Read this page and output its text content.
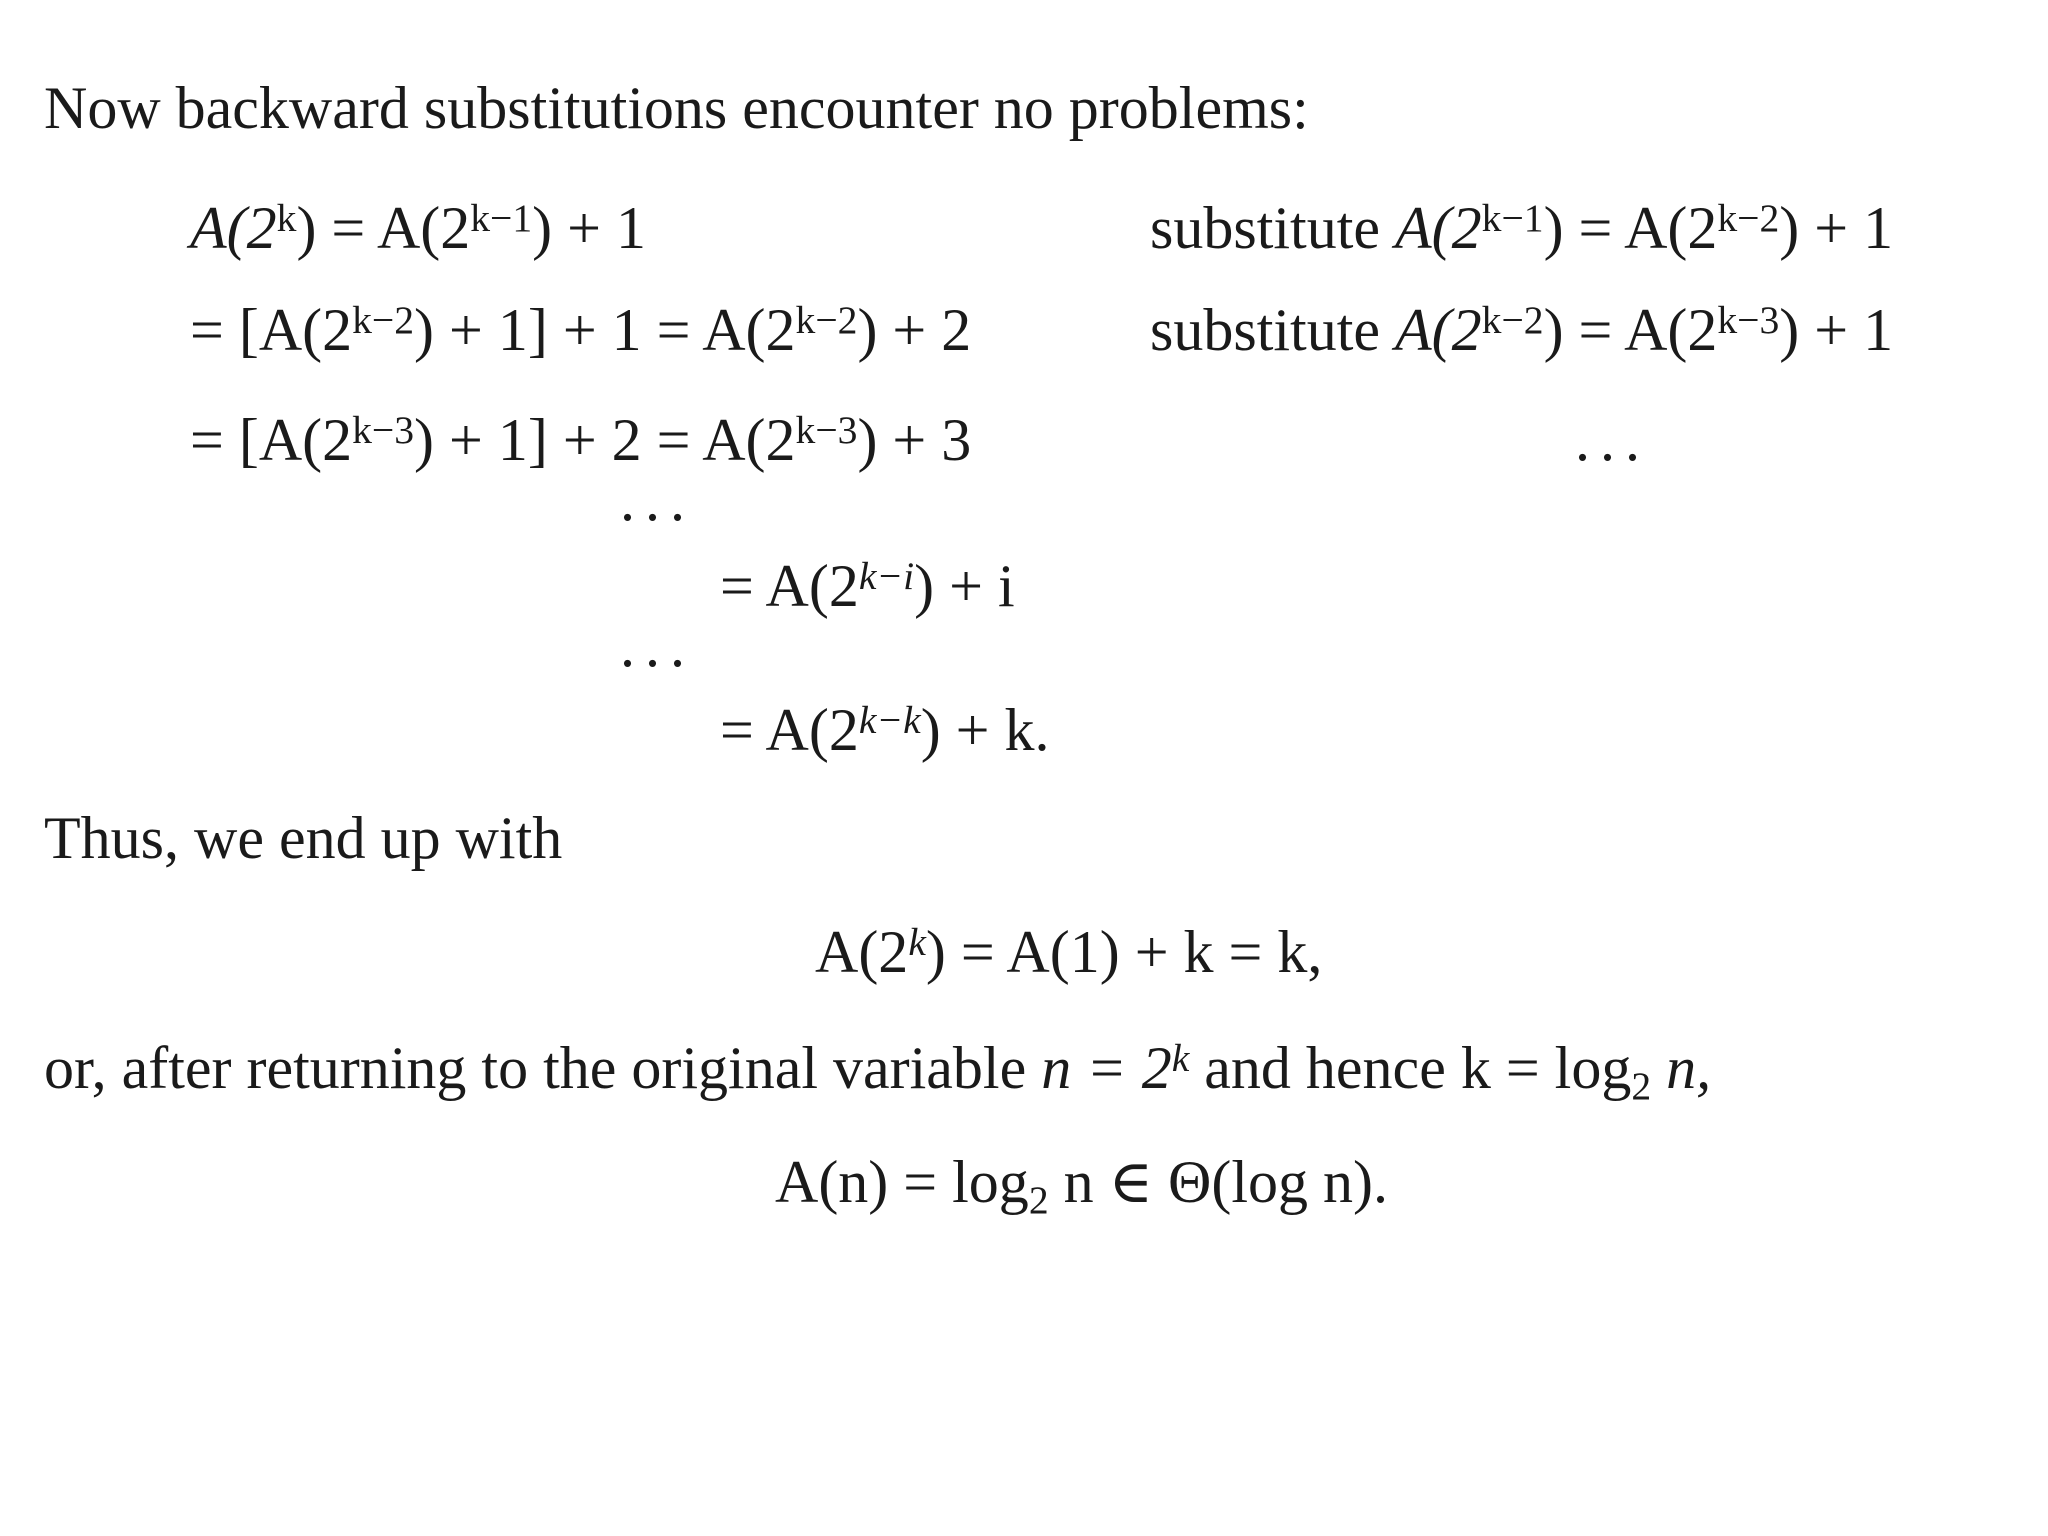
Now backward substitutions encounter no problems:
$A(2^k) = A(2^{k-1}) + 1$	substitute $A(2^{k-1}) = A(2^{k-2}) + 1$
= $[A(2^{k-2}) + 1] + 1 = A(2^{k-2}) + 2$	substitute $A(2^{k-2}) = A(2^{k-3}) + 1$
= $[A(2^{k-3}) + 1] + 2 = A(2^{k-3}) + 3$	...
...
= $A(2^{k-i}) + i$
...
= $A(2^{k-k}) + k$.
Thus, we end up with
$A(2^k) = A(1) + k = k$,
or, after returning to the original variable $n = 2^k$ and hence $k = \log_2 n$,
$A(n) = \log_2 n$ ∈ Θ(log n).
